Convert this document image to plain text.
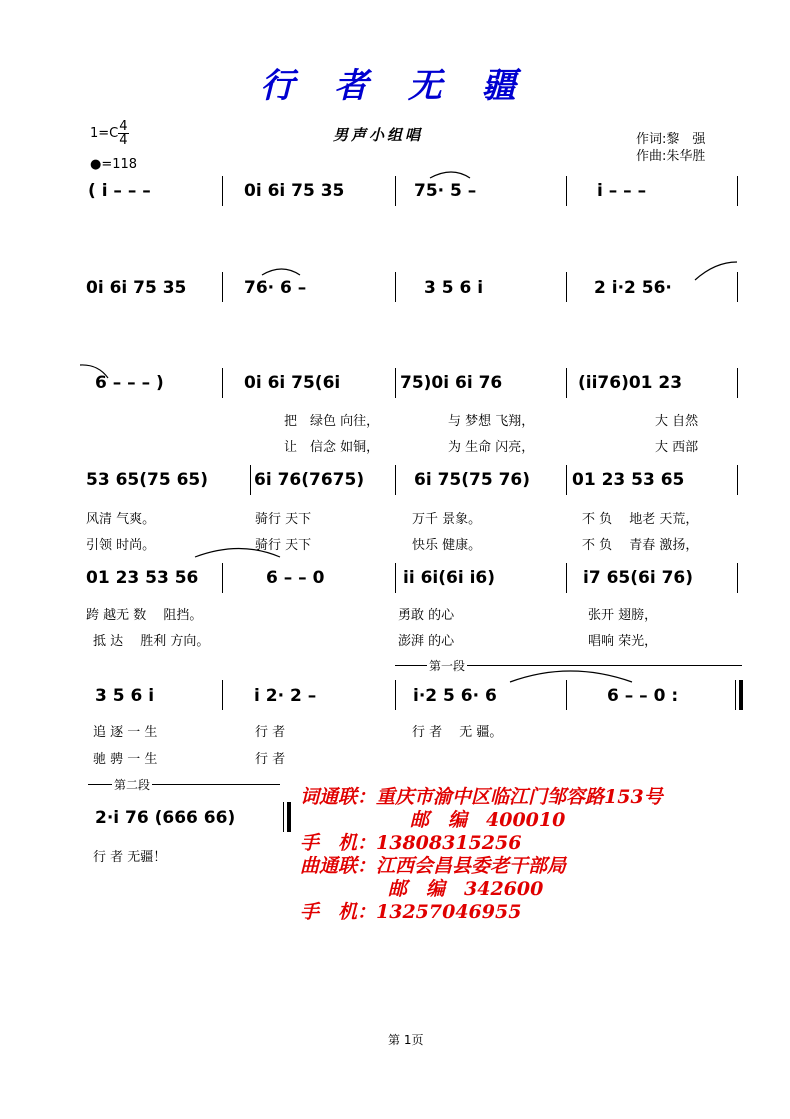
行 者 无 疆
$1=C \frac{4}{4}$
●=118
男声小组唱	作词:黎　强
作曲:朱华胜
( i – – –	0i 6i 75 35	75· 5 –	i – – –
0i 6i 75 35	76· 6 –	3 5 6 i	2 i·2 56·
6 – – – )	0i 6i 75(6i	75)0i 6i 76	(ii76)01 23
把　绿色 向往，	与 梦想 飞翔，	大 自然
让　信念 如铜，	为 生命 闪亮，	大 西部
53 65(75 65)	6i 76(7675)	6i 75(75 76) 01 23 53 65
风清 气爽。	骑行 天下	万千 景象。	不 负 　地老 天荒，
引领 时尚。	骑行 天下	快乐 健康。	不 负 　青春 激扬，
01 23 53 56	6 – – 0	ii 6i(6i i6)	i7 65(6i 76)
跨 越无 数 　阻挡。	勇敢 的心	张开 翅膀，
抵 达 　胜利 方向。	澎湃 的心	唱响 荣光，
第一段
3 5 6 i	i 2· 2 –	i·2 5 6· 6	6 – – 0 :
追 逐 一 生	行 者	行 者 　无 疆。
驰 骋 一 生	行 者
第二段
2·i 76 (666 66)
行 者 无疆！
词通联：重庆市渝中区临江门邹容路153号
邮　编　400010
手　机：13808315256
曲通联：江西会昌县委老干部局
邮　编　342600
手　机：13257046955
第 1页
